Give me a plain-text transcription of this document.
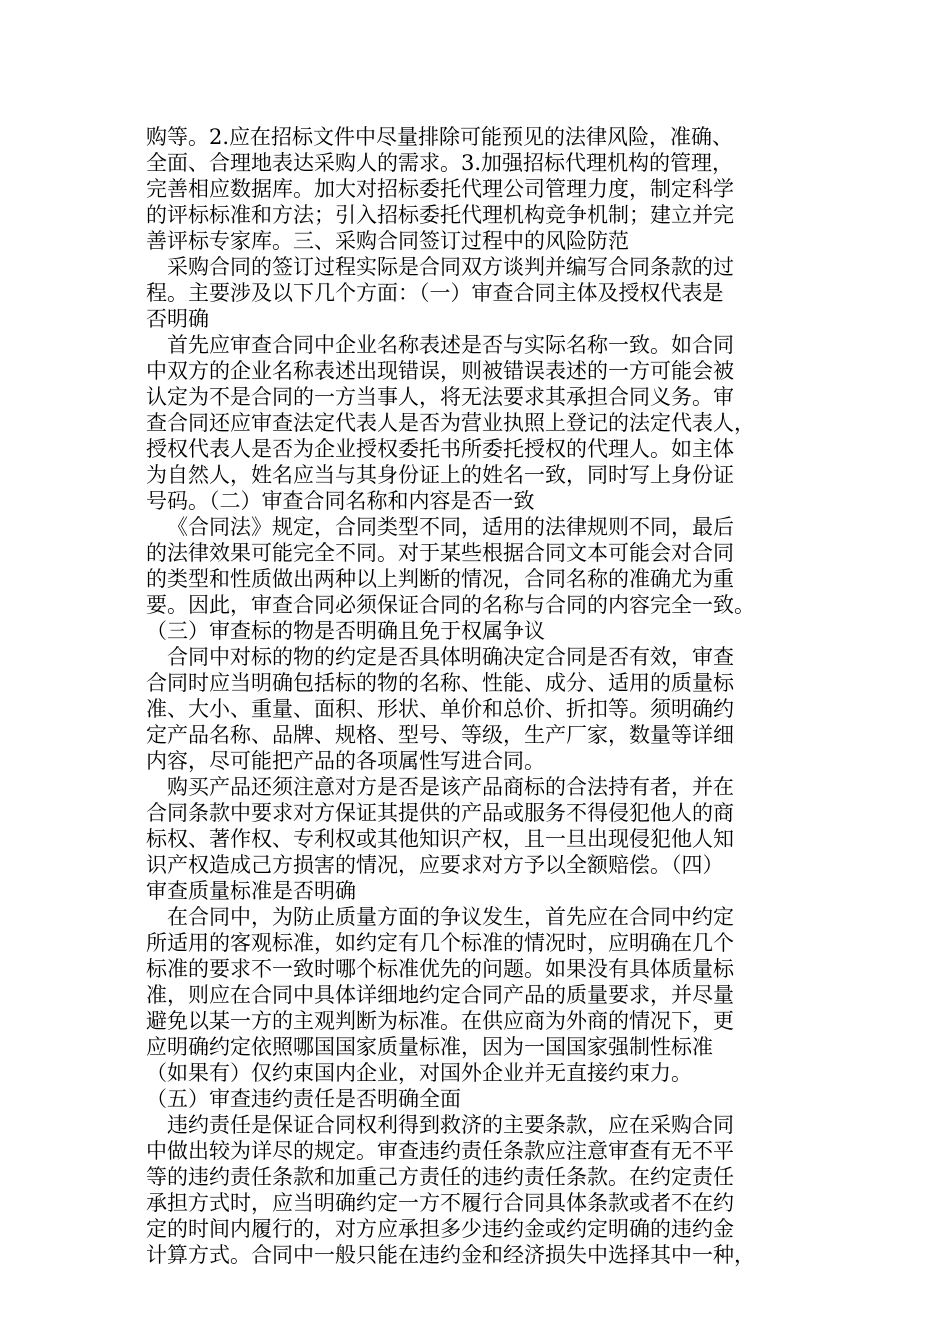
购等。2.应在招标文件中尽量排除可能预见的法律风险，准确、
全面、合理地表达采购人的需求。3.加强招标代理机构的管理，
完善相应数据库。加大对招标委托代理公司管理力度，制定科学
的评标标准和方法；引入招标委托代理机构竞争机制；建立并完
善评标专家库。三、采购合同签订过程中的风险防范
采购合同的签订过程实际是合同双方谈判并编写合同条款的过
程。主要涉及以下几个方面：（一）审查合同主体及授权代表是
否明确
首先应审查合同中企业名称表述是否与实际名称一致。如合同
中双方的企业名称表述出现错误，则被错误表述的一方可能会被
认定为不是合同的一方当事人，将无法要求其承担合同义务。审
查合同还应审查法定代表人是否为营业执照上登记的法定代表人，
授权代表人是否为企业授权委托书所委托授权的代理人。如主体
为自然人，姓名应当与其身份证上的姓名一致，同时写上身份证
号码。（二）审查合同名称和内容是否一致
《合同法》规定，合同类型不同，适用的法律规则不同，最后
的法律效果可能完全不同。对于某些根据合同文本可能会对合同
的类型和性质做出两种以上判断的情况，合同名称的准确尤为重
要。因此，审查合同必须保证合同的名称与合同的内容完全一致。
（三）审查标的物是否明确且免于权属争议
合同中对标的物的约定是否具体明确决定合同是否有效，审查
合同时应当明确包括标的物的名称、性能、成分、适用的质量标
准、大小、重量、面积、形状、单价和总价、折扣等。须明确约
定产品名称、品牌、规格、型号、等级，生产厂家，数量等详细
内容，尽可能把产品的各项属性写进合同。
购买产品还须注意对方是否是该产品商标的合法持有者，并在
合同条款中要求对方保证其提供的产品或服务不得侵犯他人的商
标权、著作权、专利权或其他知识产权，且一旦出现侵犯他人知
识产权造成己方损害的情况，应要求对方予以全额赔偿。（四）
审查质量标准是否明确
在合同中，为防止质量方面的争议发生，首先应在合同中约定
所适用的客观标准，如约定有几个标准的情况时，应明确在几个
标准的要求不一致时哪个标准优先的问题。如果没有具体质量标
准，则应在合同中具体详细地约定合同产品的质量要求，并尽量
避免以某一方的主观判断为标准。在供应商为外商的情况下，更
应明确约定依照哪国国家质量标准，因为一国国家强制性标准
（如果有）仅约束国内企业，对国外企业并无直接约束力。
（五）审查违约责任是否明确全面
违约责任是保证合同权利得到救济的主要条款，应在采购合同
中做出较为详尽的规定。审查违约责任条款应注意审查有无不平
等的违约责任条款和加重己方责任的违约责任条款。在约定责任
承担方式时，应当明确约定一方不履行合同具体条款或者不在约
定的时间内履行的，对方应承担多少违约金或约定明确的违约金
计算方式。合同中一般只能在违约金和经济损失中选择其中一种，
